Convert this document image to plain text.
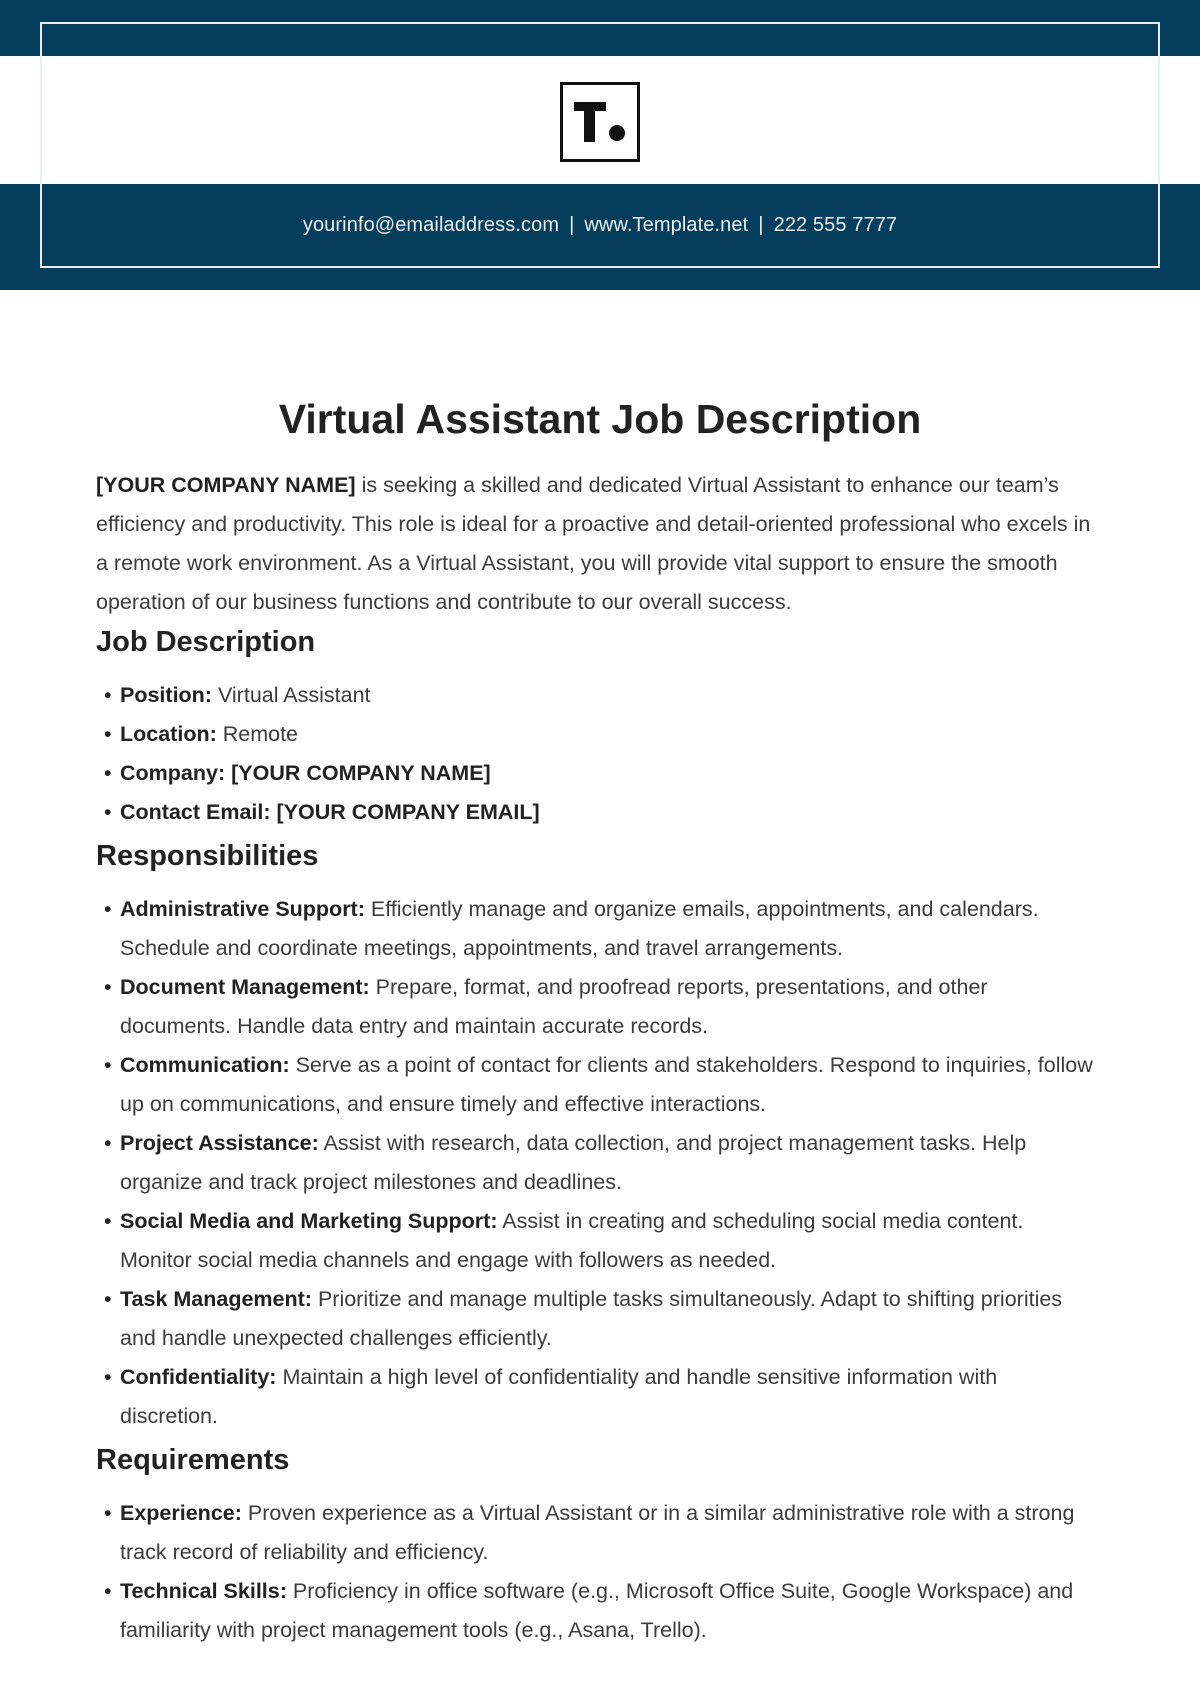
yourinfo@emailaddress.com | www.Template.net | 222 555 7777
Virtual Assistant Job Description

[YOUR COMPANY NAME] is seeking a skilled and dedicated Virtual Assistant to enhance our team’s efficiency and productivity. This role is ideal for a proactive and detail-oriented professional who excels in a remote work environment. As a Virtual Assistant, you will provide vital support to ensure the smooth operation of our business functions and contribute to our overall success.

Job Description
• Position: Virtual Assistant
• Location: Remote
• Company: [YOUR COMPANY NAME]
• Contact Email: [YOUR COMPANY EMAIL]
Responsibilities
• Administrative Support: Efficiently manage and organize emails, appointments, and calendars. Schedule and coordinate meetings, appointments, and travel arrangements.
• Document Management: Prepare, format, and proofread reports, presentations, and other documents. Handle data entry and maintain accurate records.
• Communication: Serve as a point of contact for clients and stakeholders. Respond to inquiries, follow up on communications, and ensure timely and effective interactions.
• Project Assistance: Assist with research, data collection, and project management tasks. Help organize and track project milestones and deadlines.
• Social Media and Marketing Support: Assist in creating and scheduling social media content. Monitor social media channels and engage with followers as needed.
• Task Management: Prioritize and manage multiple tasks simultaneously. Adapt to shifting priorities and handle unexpected challenges efficiently.
• Confidentiality: Maintain a high level of confidentiality and handle sensitive information with discretion.
Requirements
• Experience: Proven experience as a Virtual Assistant or in a similar administrative role with a strong track record of reliability and efficiency.
• Technical Skills: Proficiency in office software (e.g., Microsoft Office Suite, Google Workspace) and familiarity with project management tools (e.g., Asana, Trello).
